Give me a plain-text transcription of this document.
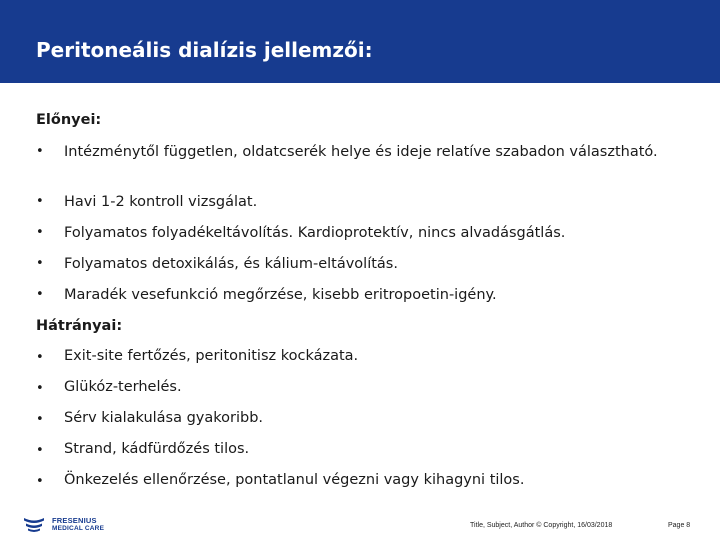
Peritoneális dialízis jellemzői:
Előnyei:
• Intézménytől független, oldatcserék helye és ideje relatíve szabadon választható.
• Havi 1-2 kontroll vizsgálat.
• Folyamatos folyadékeltávolítás. Kardioprotektív, nincs alvadásgátlás.
• Folyamatos detoxikálás, és kálium-eltávolítás.
• Maradék vesefunkció megőrzése, kisebb eritropoetin-igény.
Hátrányai:
• Exit-site fertőzés, peritonitisz kockázata.
• Glükóz-terhelés.
• Sérv kialakulása gyakoribb.
• Strand, kádfürdőzés tilos.
• Önkezelés ellenőrzése, pontatlanul végezni vagy kihagyni tilos.
FRESENIUS
MEDICAL CARE	Title, Subject, Author © Copyright, 16/03/2018	Page 8
